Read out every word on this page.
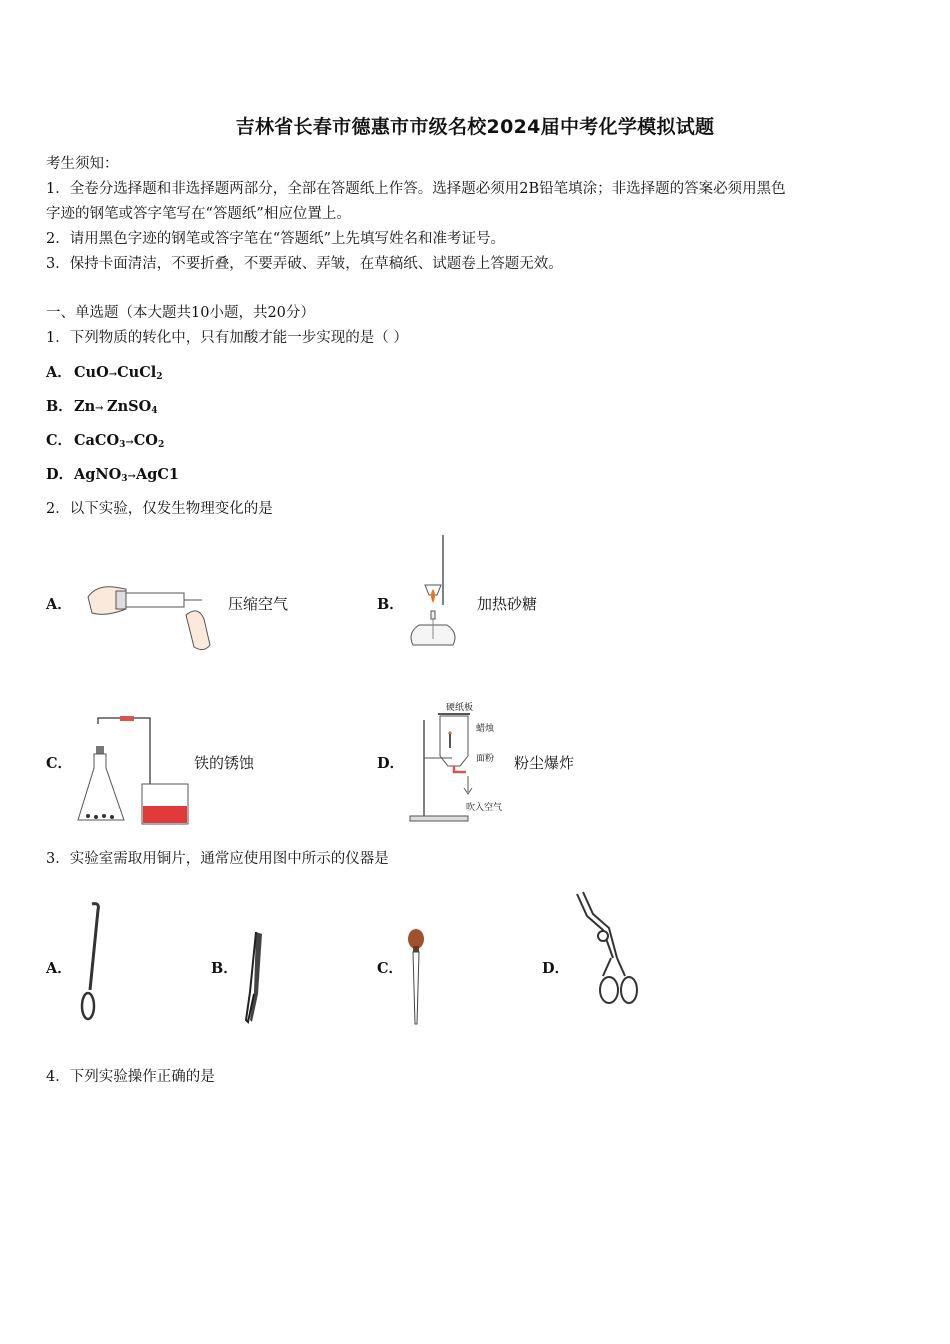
吉林省长春市德惠市市级名校2024届中考化学模拟试题
考生须知：
1．全卷分选择题和非选择题两部分，全部在答题纸上作答。选择题必须用2B铅笔填涂；非选择题的答案必须用黑色
字迹的钢笔或答字笔写在“答题纸”相应位置上。
2．请用黑色字迹的钢笔或答字笔在“答题纸”上先填写姓名和准考证号。
3．保持卡面清洁，不要折叠，不要弄破、弄皱，在草稿纸、试题卷上答题无效。
一、单选题（本大题共10小题，共20分）
1．下列物质的转化中，只有加酸才能一步实现的是（ ）
A． CuO→CuCl$_2$
B．Zn→ ZnSO$_4$
C． $CaCO_3\to CO_2$
D．AgNO$_3$→AgC1
2．以下实验，仅发生物理变化的是
A．	压缩空气	B．	加热砂糖
C．	铁的锈蚀	D．
硬纸板
蜡烛
面粉
吹入空气
粉尘爆炸
3．实验室需取用铜片，通常应使用图中所示的仪器是
A．	B．	C．	D．
4．下列实验操作正确的是
